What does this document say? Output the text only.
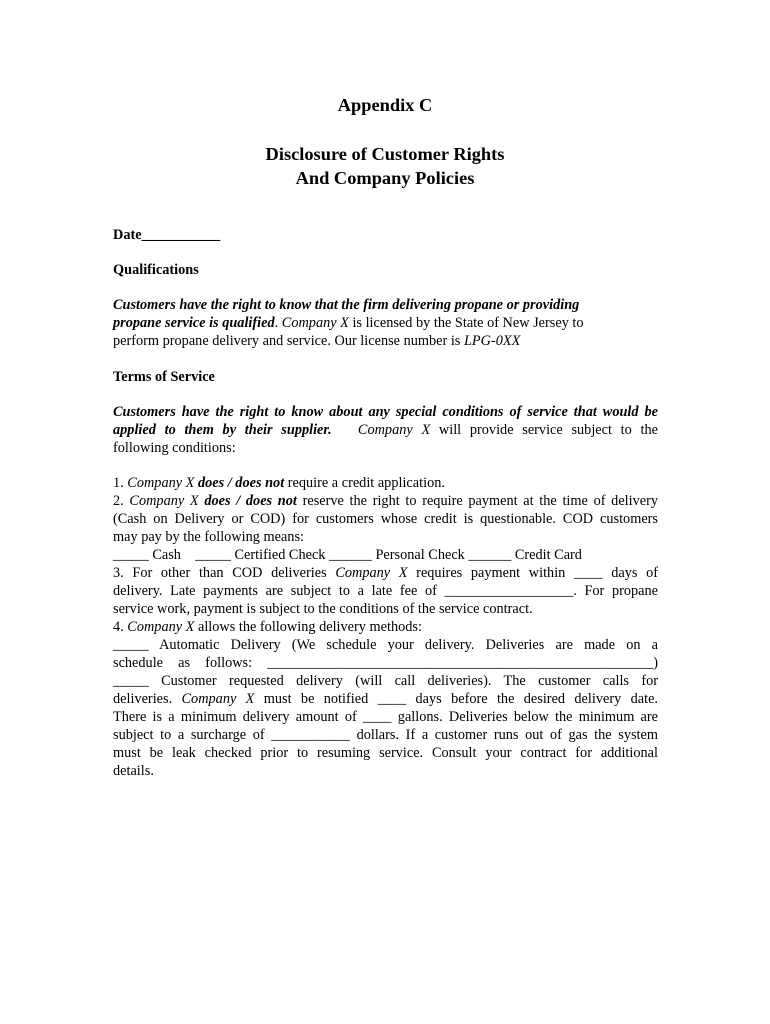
Appendix C

Disclosure of Customer Rights

And Company Policies

Date___________

Qualifications

Customers have the right to know that the firm delivering propane or providing
propane service is qualified. Company X is licensed by the State of New Jersey to
perform propane delivery and service. Our license number is LPG-0XX

Terms of Service

Customers have the right to know about any special conditions of service that would be
applied to them by their supplier. Company X will provide service subject to the
following conditions:
1. Company X does / does not require a credit application.
2. Company X does / does not reserve the right to require payment at the time of delivery
(Cash on Delivery or COD) for customers whose credit is questionable. COD customers
may pay by the following means:
_____ Cash    _____ Certified Check ______ Personal Check ______ Credit Card
3. For other than COD deliveries Company X requires payment within ____ days of
delivery. Late payments are subject to a late fee of __________________. For propane
service work, payment is subject to the conditions of the service contract.
4. Company X allows the following delivery methods:
_____ Automatic Delivery (We schedule your delivery. Deliveries are made on a
schedule as follows: ______________________________________________________)
_____ Customer requested delivery (will call deliveries). The customer calls for
deliveries. Company X must be notified ____ days before the desired delivery date.
There is a minimum delivery amount of ____ gallons. Deliveries below the minimum are
subject to a surcharge of ___________ dollars. If a customer runs out of gas the system
must be leak checked prior to resuming service. Consult your contract for additional
details.
